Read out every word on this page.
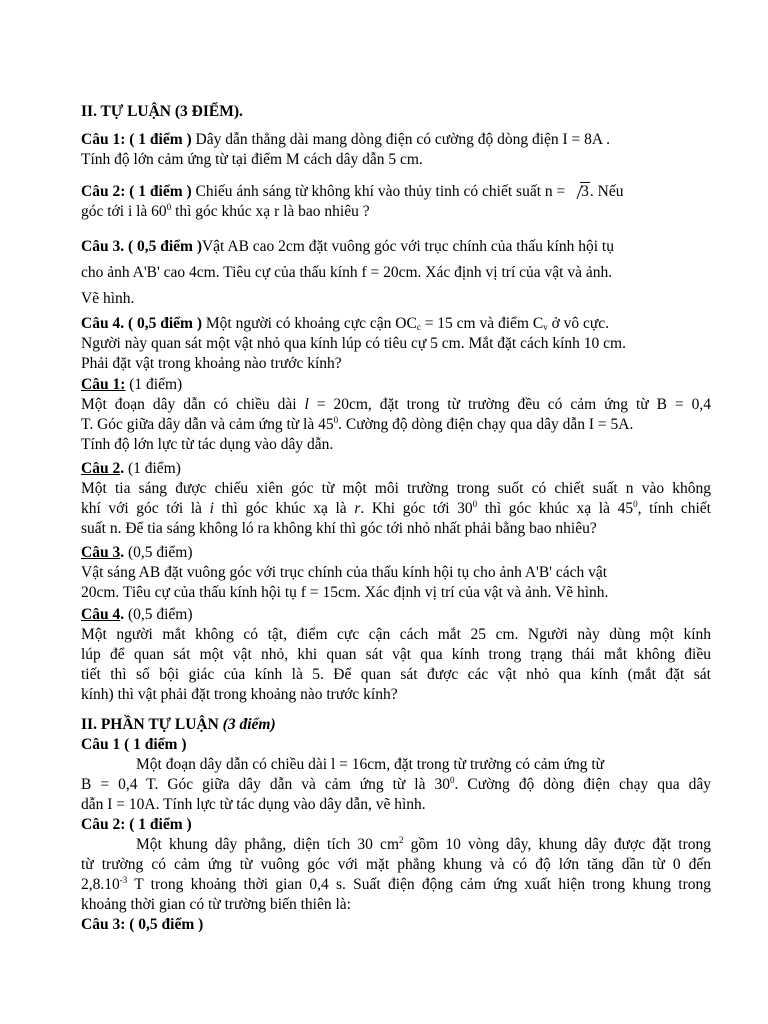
II. TỰ LUẬN (3 ĐIỂM).
Câu 1: ( 1 điểm ) Dây dẫn thẳng dài mang dòng điện có cường độ dòng điện I = 8A .
Tính độ lớn cảm ứng từ tại điểm M cách dây dẫn 5 cm.
Câu 2: ( 1 điểm ) Chiếu ánh sáng từ không khí vào thủy tinh có chiết suất n = 3. Nếu
góc tới i là $60^0$ thì góc khúc xạ r là bao nhiêu ?
Câu 3. ( 0,5 điểm )Vật AB cao 2cm đặt vuông góc với trục chính của thấu kính hội tụ
cho ảnh A'B' cao 4cm. Tiêu cự của thấu kính f = 20cm. Xác định vị trí của vật và ảnh.
Vẽ hình.
Câu 4. ( 0,5 điểm ) Một người có khoảng cực cận $OC_c = 15$ cm và điểm $C_v$ ở vô cực.
Người này quan sát một vật nhỏ qua kính lúp có tiêu cự 5 cm. Mắt đặt cách kính 10 cm.
Phải đặt vật trong khoảng nào trước kính?
Câu 1: (1 điểm)
Một đoạn dây dẫn có chiều dài l = 20cm, đặt trong từ trường đều có cảm ứng từ B = 0,4
T. Góc giữa dây dẫn và cảm ứng từ là $45^0$. Cường độ dòng điện chạy qua dây dẫn I = 5A.
Tính độ lớn lực từ tác dụng vào dây dẫn.
Câu 2. (1 điểm)
Một tia sáng được chiếu xiên góc từ một môi trường trong suốt có chiết suất n vào không
khí với góc tới là i thì góc khúc xạ là r. Khi góc tới $30^0$ thì góc khúc xạ là $45^0$, tính chiết
suất n. Để tia sáng không ló ra không khí thì góc tới nhỏ nhất phải bằng bao nhiêu?
Câu 3. (0,5 điểm)
Vật sáng AB đặt vuông góc với trục chính của thấu kính hội tụ cho ảnh A'B' cách vật
20cm. Tiêu cự của thấu kính hội tụ f = 15cm. Xác định vị trí của vật và ảnh. Vẽ hình.
Câu 4. (0,5 điểm)
Một người mắt không có tật, điểm cực cận cách mắt 25 cm. Người này dùng một kính
lúp để quan sát một vật nhỏ, khi quan sát vật qua kính trong trạng thái mắt không điều
tiết thì số bội giác của kính là 5. Để quan sát được các vật nhỏ qua kính (mắt đặt sát
kính) thì vật phải đặt trong khoảng nào trước kính?
II. PHẦN TỰ LUẬN (3 điểm)
Câu 1 ( 1 điểm )
Một đoạn dây dẫn có chiều dài l = 16cm, đặt trong từ trường có cảm ứng từ
B = 0,4 T. Góc giữa dây dẫn và cảm ứng từ là $30^0$. Cường độ dòng điện chạy qua dây
dẫn I = 10A. Tính lực từ tác dụng vào dây dẫn, vẽ hình.
Câu 2: ( 1 điểm )
Một khung dây phẳng, diện tích 30 $cm^2$ gồm 10 vòng dây, khung dây được đặt trong
từ trường có cảm ứng từ vuông góc với mặt phẳng khung và có độ lớn tăng dần từ 0 đến
$2,8.10^{-3}$ T trong khoảng thời gian 0,4 s. Suất điện động cảm ứng xuất hiện trong khung trong
khoảng thời gian có từ trường biến thiên là:
Câu 3: ( 0,5 điểm )
